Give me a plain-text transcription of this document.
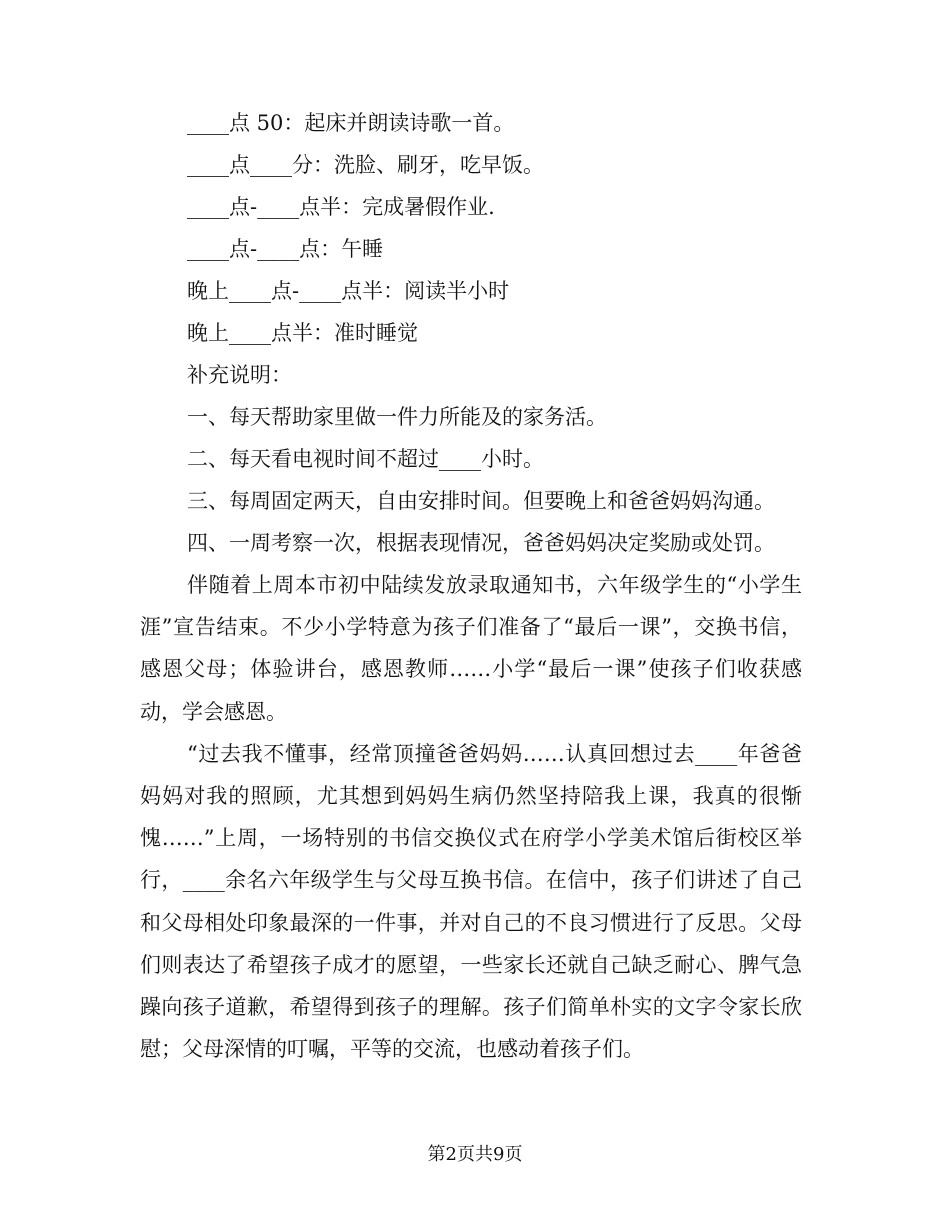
____点 50：起床并朗读诗歌一首。
____点____分：洗脸、刷牙，吃早饭。
____点-____点半：完成暑假作业.
____点-____点：午睡
晚上____点-____点半：阅读半小时
晚上____点半：准时睡觉
补充说明：
一、每天帮助家里做一件力所能及的家务活。
二、每天看电视时间不超过____小时。
三、每周固定两天，自由安排时间。但要晚上和爸爸妈妈沟通。
四、一周考察一次，根据表现情况，爸爸妈妈决定奖励或处罚。

伴随着上周本市初中陆续发放录取通知书，六年级学生的“小学生涯”宣告结束。不少小学特意为孩子们准备了“最后一课”，交换书信，感恩父母；体验讲台，感恩教师……小学“最后一课”使孩子们收获感动，学会感恩。

“过去我不懂事，经常顶撞爸爸妈妈……认真回想过去____年爸爸妈妈对我的照顾，尤其想到妈妈生病仍然坚持陪我上课，我真的很惭愧……”上周，一场特别的书信交换仪式在府学小学美术馆后街校区举行，____余名六年级学生与父母互换书信。在信中，孩子们讲述了自己和父母相处印象最深的一件事，并对自己的不良习惯进行了反思。父母们则表达了希望孩子成才的愿望，一些家长还就自己缺乏耐心、脾气急躁向孩子道歉，希望得到孩子的理解。孩子们简单朴实的文字令家长欣慰；父母深情的叮嘱，平等的交流，也感动着孩子们。

第2页共9页
